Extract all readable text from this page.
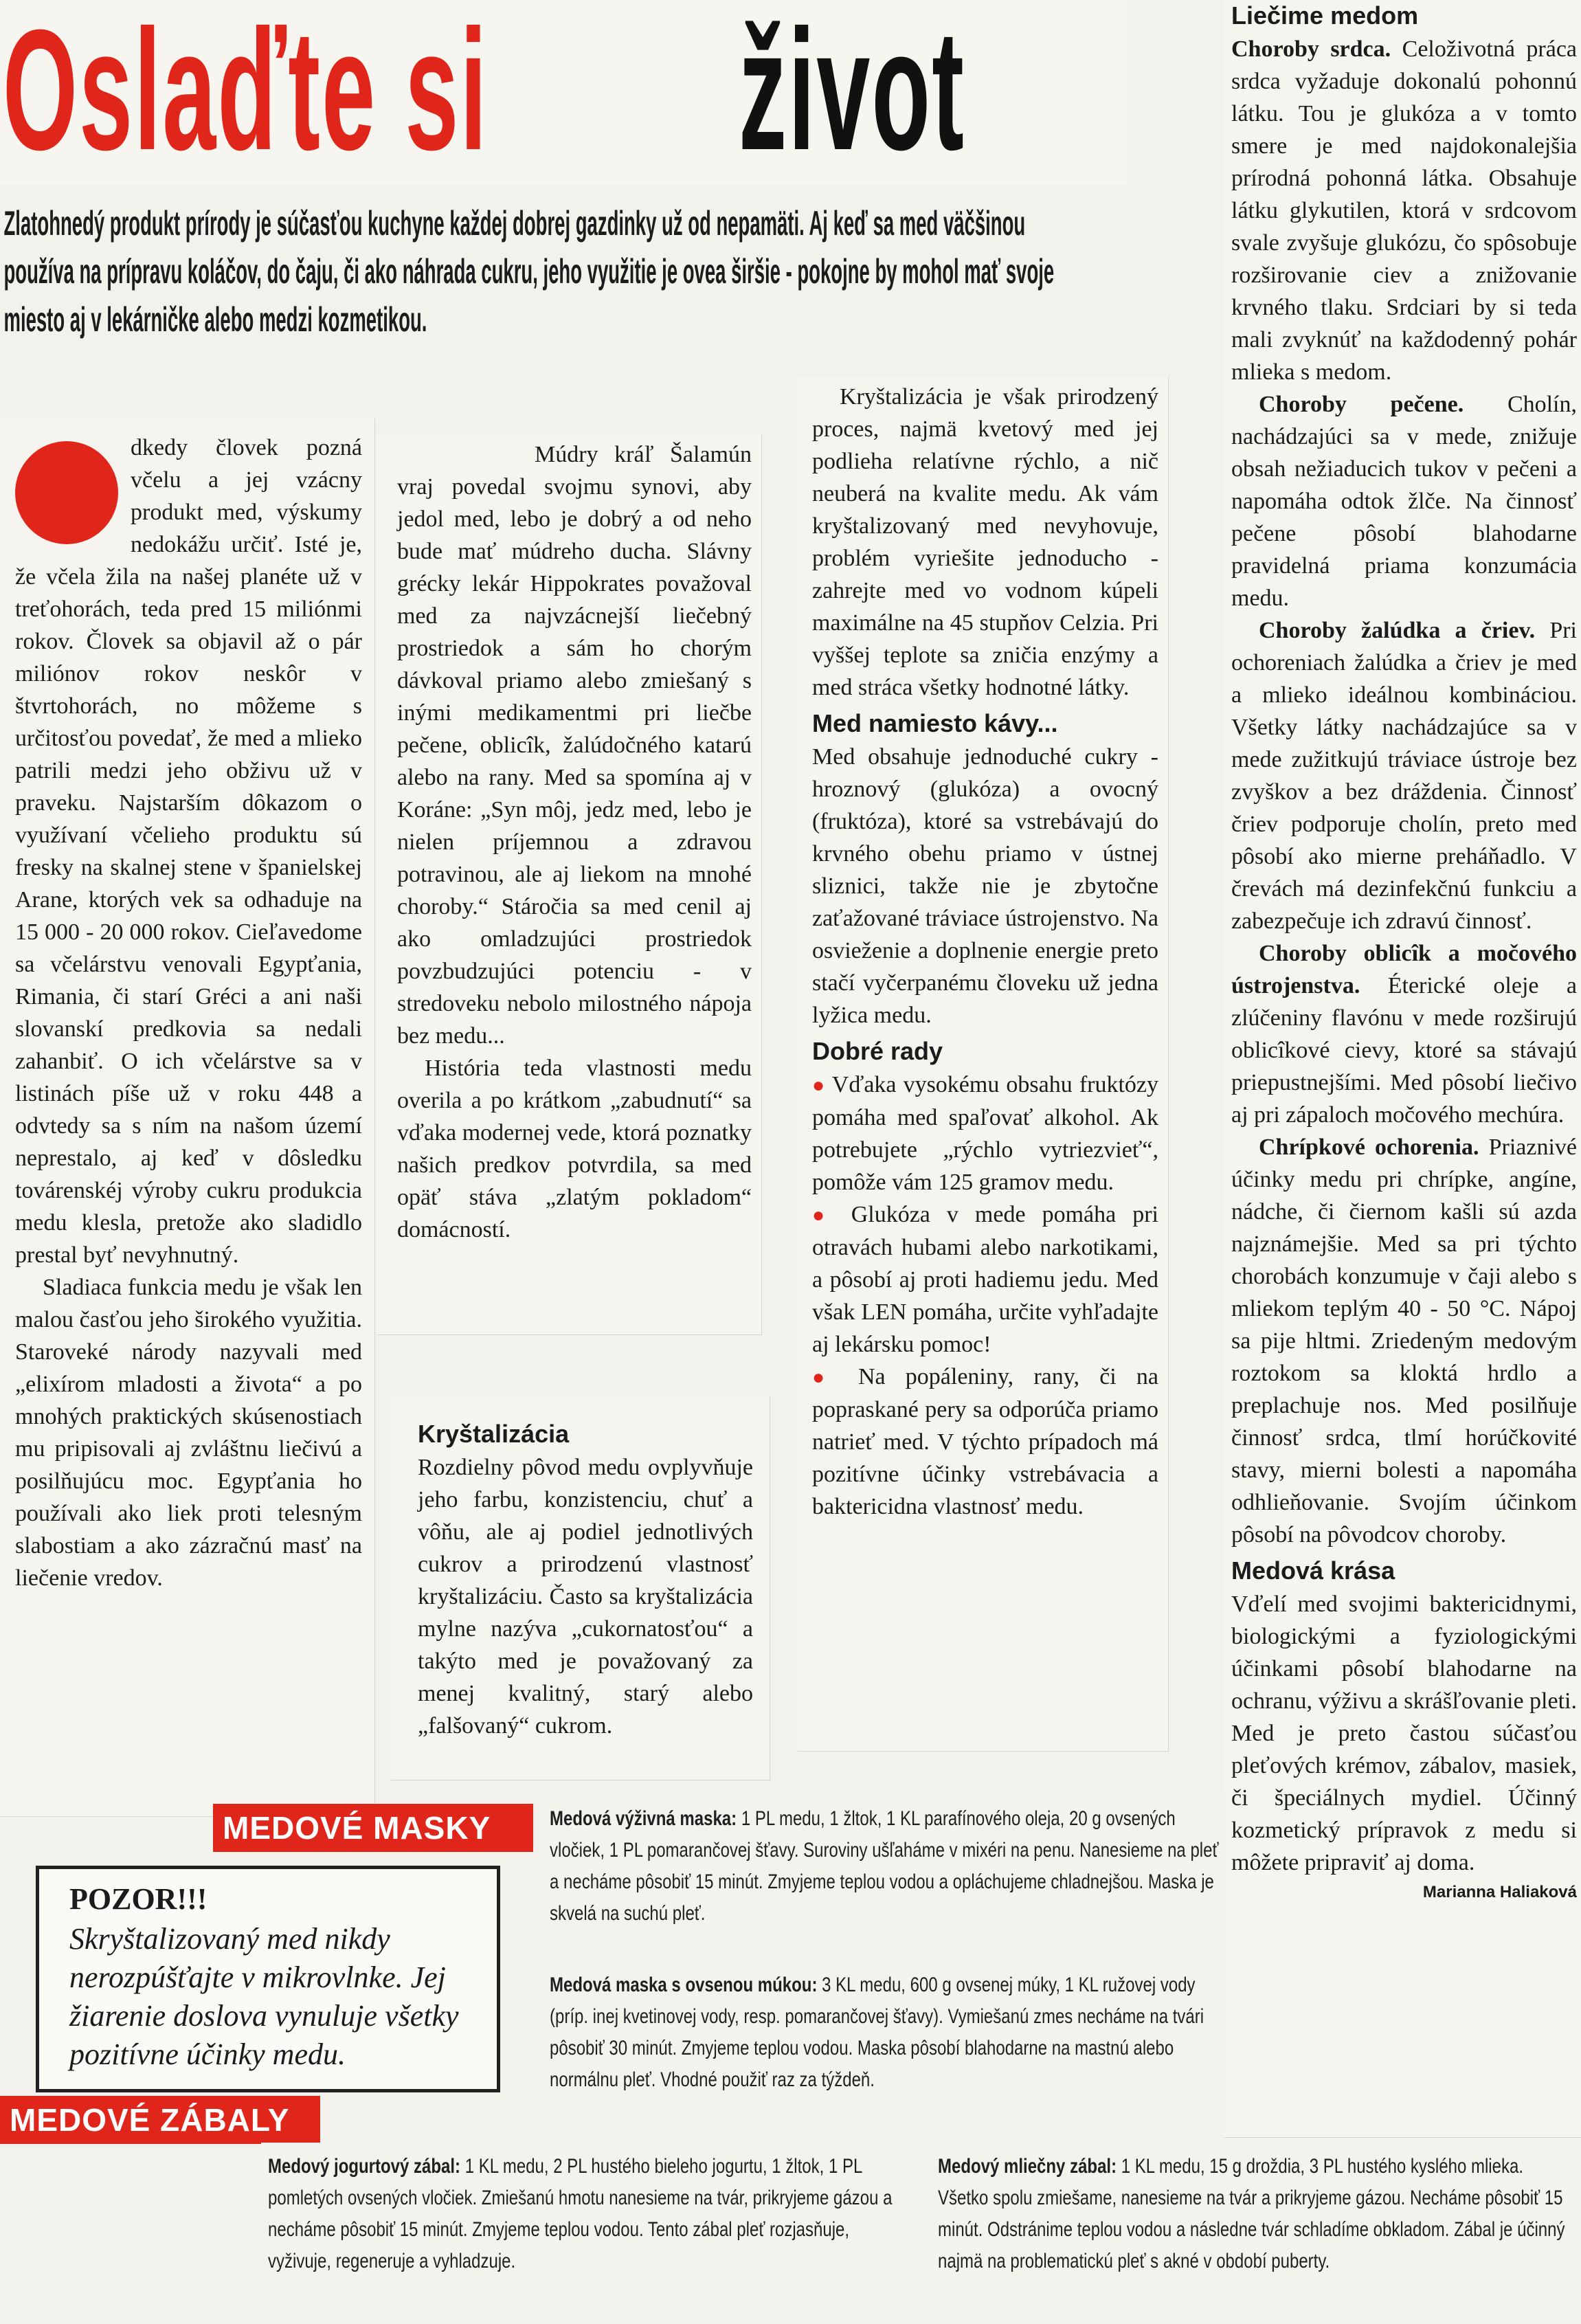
Oslaďte si život

Zlatohnedý produkt prírody je súčasťou kuchyne každej dobrej gazdinky už od nepamäti. Aj keď sa med väčšinou používa na prípravu koláčov, do čaju, či ako náhrada cukru, jeho využitie je ovea širšie - pokojne by mohol mať svoje miesto aj v lekárničke alebo medzi kozmetikou.

dkedy človek pozná včelu a jej vzácny produkt med, výskumy nedokážu určiť. Isté je, že včela žila na našej planéte už v treťohorách, teda pred 15 miliónmi rokov. Človek sa objavil až o pár miliónov rokov neskôr v štvrtohorách, no môžeme s určitosťou povedať, že med a mlieko patrili medzi jeho obživu už v praveku. Najstarším dôkazom o využívaní včelieho produktu sú fresky na skalnej stene v španielskej Arane, ktorých vek sa odhaduje na 15 000 - 20 000 rokov. Cieľavedome sa včelárstvu venovali Egypťania, Rimania, či starí Gréci a ani naši slovanskí predkovia sa nedali zahanbiť. O ich včelárstve sa v listinách píše už v roku 448 a odvtedy sa s ním na našom území neprestalo, aj keď v dôsledku továrenskéj výroby cukru produkcia medu klesla, pretože ako sladidlo prestal byť nevyhnutný.

Sladiaca funkcia medu je však len malou časťou jeho širokého využitia. Staroveké národy nazyvali med „elixírom mladosti a života“ a po mnohých praktických skúsenostiach mu pripisovali aj zvláštnu liečivú a posilňujúcu moc. Egypťania ho používali ako liek proti telesným slabostiam a ako zázračnú masť na liečenie vredov.

Múdry kráľ Šalamún vraj povedal svojmu synovi, aby jedol med, lebo je dobrý a od neho bude mať múdreho ducha. Slávny grécky lekár Hippokrates považoval med za najvzácnejší liečebný prostriedok a sám ho chorým dávkoval priamo alebo zmiešaný s inými medikamentmi pri liečbe pečene, oblicîk, žalúdočného katarú alebo na rany. Med sa spomína aj v Koráne: „Syn môj, jedz med, lebo je nielen príjemnou a zdravou potravinou, ale aj liekom na mnohé choroby.“ Stáročia sa med cenil aj ako omladzujúci prostriedok povzbudzujúci potenciu - v stredoveku nebolo milostného nápoja bez medu...

História teda vlastnosti medu overila a po krátkom „zabudnutí“ sa vďaka modernej vede, ktorá poznatky našich predkov potvrdila, sa med opäť stáva „zlatým pokladom“ domácností.

Kryštalizácia

Rozdielny pôvod medu ovplyvňuje jeho farbu, konzistenciu, chuť a vôňu, ale aj podiel jednotlivých cukrov a prirodzenú vlastnosť kryštalizáciu. Často sa kryštalizácia mylne nazýva „cukornatosťou“ a takýto med je považovaný za menej kvalitný, starý alebo „falšovaný“ cukrom.

Kryštalizácia je však prirodzený proces, najmä kvetový med jej podlieha relatívne rýchlo, a nič neuberá na kvalite medu. Ak vám kryštalizovaný med nevyhovuje, problém vyriešite jednoducho - zahrejte med vo vodnom kúpeli maximálne na 45 stupňov Celzia. Pri vyššej teplote sa zničia enzýmy a med stráca všetky hodnotné látky.

Med namiesto kávy...

Med obsahuje jednoduché cukry - hroznový (glukóza) a ovocný (fruktóza), ktoré sa vstrebávajú do krvného obehu priamo v ústnej sliznici, takže nie je zbytočne zaťažované tráviace ústrojenstvo. Na osvieženie a doplnenie energie preto stačí vyčerpanému človeku už jedna lyžica medu.

Dobré rady

● Vďaka vysokému obsahu fruktózy pomáha med spaľovať alkohol. Ak potrebujete „rýchlo vytriezvieť“, pomôže vám 125 gramov medu.

● Glukóza v mede pomáha pri otravách hubami alebo narkotikami, a pôsobí aj proti hadiemu jedu. Med však LEN pomáha, určite vyhľadajte aj lekársku pomoc!

● Na popáleniny, rany, či na popraskané pery sa odporúča priamo natrieť med. V týchto prípadoch má pozitívne účinky vstrebávacia a baktericidna vlastnosť medu.

Liečime medom

Choroby srdca. Celoživotná práca srdca vyžaduje dokonalú pohonnú látku. Tou je glukóza a v tomto smere je med najdokonalejšia prírodná pohonná látka. Obsahuje látku glykutilen, ktorá v srdcovom svale zvyšuje glukózu, čo spôsobuje rozširovanie ciev a znižovanie krvného tlaku. Srdciari by si teda mali zvyknúť na každodenný pohár mlieka s medom.

Choroby pečene. Cholín, nachádzajúci sa v mede, znižuje obsah nežiaducich tukov v pečeni a napomáha odtok žlče. Na činnosť pečene pôsobí blahodarne pravidelná priama konzumácia medu.

Choroby žalúdka a čriev. Pri ochoreniach žalúdka a čriev je med a mlieko ideálnou kombináciou. Všetky látky nachádzajúce sa v mede zužitkujú tráviace ústroje bez zvyškov a bez dráždenia. Činnosť čriev podporuje cholín, preto med pôsobí ako mierne preháňadlo. V črevách má dezinfekčnú funkciu a zabezpečuje ich zdravú činnosť.

Choroby oblicîk a močového ústrojenstva. Éterické oleje a zlúčeniny flavónu v mede rozširujú oblicîkové cievy, ktoré sa stávajú priepustnejšími. Med pôsobí liečivo aj pri zápaloch močového mechúra.

Chrípkové ochorenia. Priaznivé účinky medu pri chrípke, angíne, nádche, či čiernom kašli sú azda najznámejšie. Med sa pri týchto chorobách konzumuje v čaji alebo s mliekom teplým 40 - 50 °C. Nápoj sa pije hltmi. Zriedeným medovým roztokom sa kloktá hrdlo a preplachuje nos. Med posilňuje činnosť srdca, tlmí horúčkovité stavy, mierni bolesti a napomáha odhlieňovanie. Svojím účinkom pôsobí na pôvodcov choroby.

Medová krása

Vďelí med svojimi baktericidnymi, biologickými a fyziologickými účinkami pôsobí blahodarne na ochranu, výživu a skrášľovanie pleti. Med je preto častou súčasťou pleťových krémov, zábalov, masiek, či špeciálnych mydiel. Účinný kozmetický prípravok z medu si môžete pripraviť aj doma.

Marianna Haliaková
MEDOVÉ MASKY	Medová výživná maska: 1 PL medu, 1 žltok, 1 KL parafínového oleja, 20 g ovsených vločiek, 1 PL pomarančovej šťavy. Suroviny ušľaháme v mixéri na penu. Nanesieme na pleť a necháme pôsobiť 15 minút. Zmyjeme teplou vodou a opláchujeme chladnejšou. Maska je skvelá na suchú pleť.
Medová maska s ovsenou múkou: 3 KL medu, 600 g ovsenej múky, 1 KL ružovej vody (príp. inej kvetinovej vody, resp. pomarančovej šťavy). Vymiešanú zmes necháme na tvári pôsobiť 30 minút. Zmyjeme teplou vodou. Maska pôsobí blahodarne na mastnú alebo normálnu pleť. Vhodné použiť raz za týždeň.
POZOR!!!
Skryštalizovaný med nikdy nerozpúšťajte v mikrovlnke. Jej žiarenie doslova vynuluje všetky pozitívne účinky medu.
MEDOVÉ ZÁBALY
Medový jogurtový zábal: 1 KL medu, 2 PL hustého bieleho jogurtu, 1 žltok, 1 PL pomletých ovsených vločiek. Zmiešanú hmotu nanesieme na tvár, prikryjeme gázou a necháme pôsobiť 15 minút. Zmyjeme teplou vodou. Tento zábal pleť rozjasňuje, vyživuje, regeneruje a vyhladzuje.
Medový mliečny zábal: 1 KL medu, 15 g droždia, 3 PL hustého kyslého mlieka. Všetko spolu zmiešame, nanesieme na tvár a prikryjeme gázou. Necháme pôsobiť 15 minút. Odstránime teplou vodou a následne tvár schladíme obkladom. Zábal je účinný najmä na problematickú pleť s akné v období puberty.
